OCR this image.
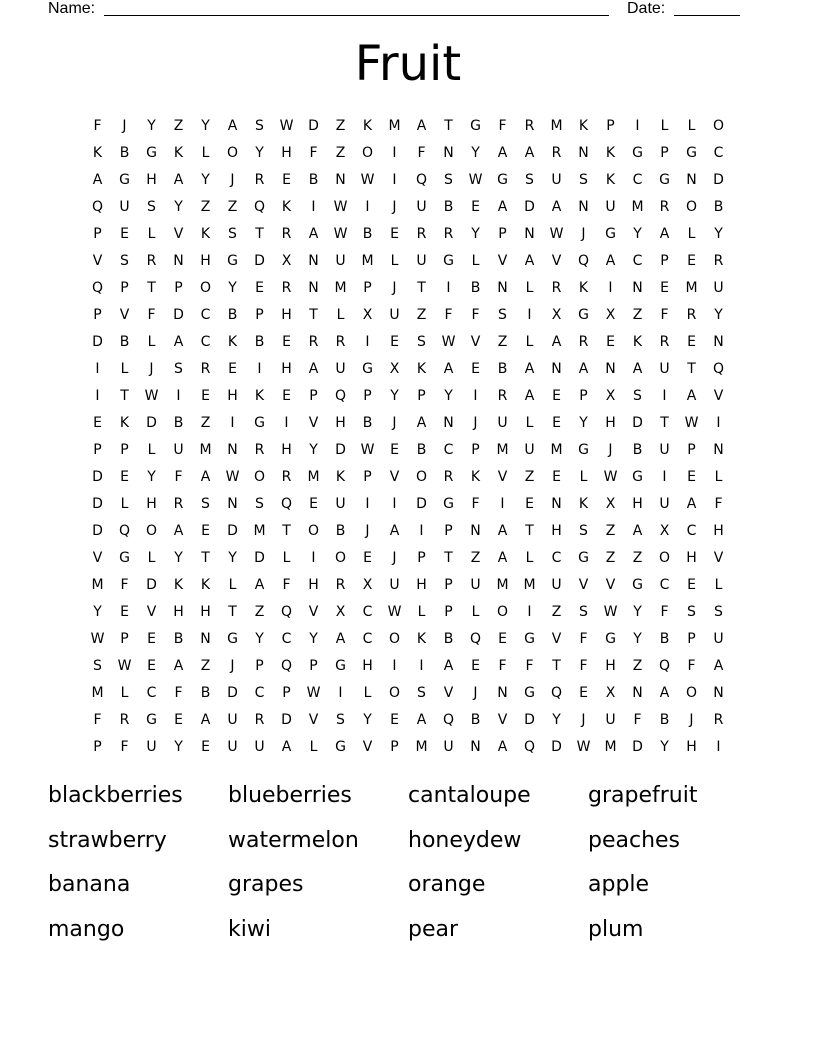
Name:	Date:
Fruit
F	J	Y	Z	Y	A	S	W	D	Z	K	M	A	T	G	F	R	M	K	P	I	L	L	O
K	B	G	K	L	O	Y	H	F	Z	O	I	F	N	Y	A	A	R	N	K	G	P	G	C
A	G	H	A	Y	J	R	E	B	N	W	I	Q	S	W	G	S	U	S	K	C	G	N	D
Q	U	S	Y	Z	Z	Q	K	I	W	I	J	U	B	E	A	D	A	N	U	M	R	O	B
P	E	L	V	K	S	T	R	A	W	B	E	R	R	Y	P	N	W	J	G	Y	A	L	Y
V	S	R	N	H	G	D	X	N	U	M	L	U	G	L	V	A	V	Q	A	C	P	E	R
Q	P	T	P	O	Y	E	R	N	M	P	J	T	I	B	N	L	R	K	I	N	E	M	U
P	V	F	D	C	B	P	H	T	L	X	U	Z	F	F	S	I	X	G	X	Z	F	R	Y
D	B	L	A	C	K	B	E	R	R	I	E	S	W	V	Z	L	A	R	E	K	R	E	N
I	L	J	S	R	E	I	H	A	U	G	X	K	A	E	B	A	N	A	N	A	U	T	Q
I	T	W	I	E	H	K	E	P	Q	P	Y	P	Y	I	R	A	E	P	X	S	I	A	V
E	K	D	B	Z	I	G	I	V	H	B	J	A	N	J	U	L	E	Y	H	D	T	W	I
P	P	L	U	M	N	R	H	Y	D	W	E	B	C	P	M	U	M	G	J	B	U	P	N
D	E	Y	F	A	W	O	R	M	K	P	V	O	R	K	V	Z	E	L	W	G	I	E	L
D	L	H	R	S	N	S	Q	E	U	I	I	D	G	F	I	E	N	K	X	H	U	A	F
D	Q	O	A	E	D	M	T	O	B	J	A	I	P	N	A	T	H	S	Z	A	X	C	H
V	G	L	Y	T	Y	D	L	I	O	E	J	P	T	Z	A	L	C	G	Z	Z	O	H	V
M	F	D	K	K	L	A	F	H	R	X	U	H	P	U	M	M	U	V	V	G	C	E	L
Y	E	V	H	H	T	Z	Q	V	X	C	W	L	P	L	O	I	Z	S	W	Y	F	S	S
W	P	E	B	N	G	Y	C	Y	A	C	O	K	B	Q	E	G	V	F	G	Y	B	P	U
S	W	E	A	Z	J	P	Q	P	G	H	I	I	A	E	F	F	T	F	H	Z	Q	F	A
M	L	C	F	B	D	C	P	W	I	L	O	S	V	J	N	G	Q	E	X	N	A	O	N
F	R	G	E	A	U	R	D	V	S	Y	E	A	Q	B	V	D	Y	J	U	F	B	J	R
P	F	U	Y	E	U	U	A	L	G	V	P	M	U	N	A	Q	D	W	M	D	Y	H	I
blackberries	blueberries	cantaloupe	grapefruit
strawberry	watermelon	honeydew	peaches
banana	grapes	orange	apple
mango	kiwi	pear	plum
